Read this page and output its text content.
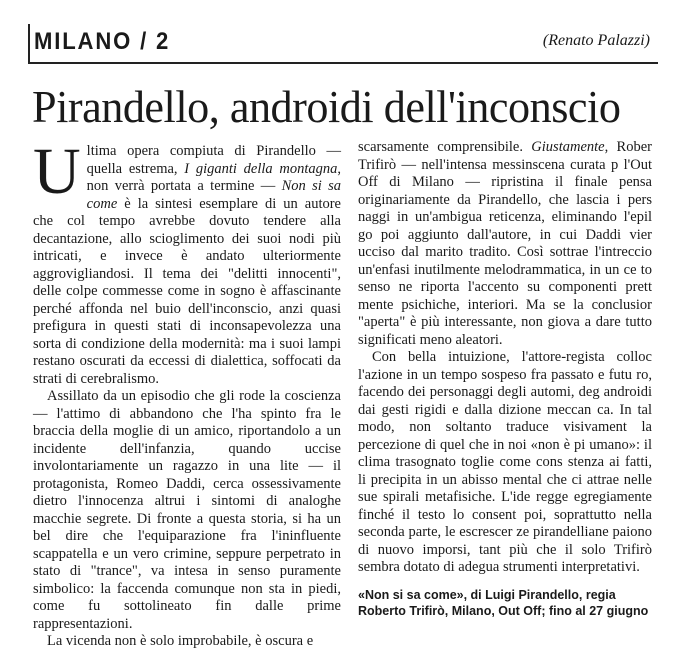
MILANO / 2	(Renato Palazzi)
Pirandello, androidi dell'inconscio

Ultima opera compiuta di Pirandello — quella estrema, I giganti della montagna, non verrà portata a termine — Non si sa come è la sintesi esemplare di un autore che col tempo avrebbe dovuto tendere alla decantazione, allo scioglimento dei suoi nodi più intricati, e invece è andato ulteriormente aggrovigliandosi. Il tema dei "delitti innocenti", delle colpe commesse come in sogno è affascinante perché affonda nel buio dell'inconscio, anzi quasi prefigura in questi stati di inconsapevolezza una sorta di condizione della modernità: ma i suoi lampi restano oscurati da eccessi di dialettica, soffocati da strati di cerebralismo.

Assillato da un episodio che gli rode la coscienza — l'attimo di abbandono che l'ha spinto fra le braccia della moglie di un amico, riportandolo a un incidente dell'infanzia, quando uccise involontariamente un ragazzo in una lite — il protagonista, Romeo Daddi, cerca ossessivamente dietro l'innocenza altrui i sintomi di analoghe macchie segrete. Di fronte a questa storia, si ha un bel dire che l'equiparazione fra l'ininfluente scappatella e un vero crimine, seppure perpetrato in stato di "trance", va intesa in senso puramente simbolico: la faccenda comunque non sta in piedi, come fu sottolineato fin dalle prime rappresentazioni.

La vicenda non è solo improbabile, è oscura e

scarsamente comprensibile. Giustamente, Rober Trifirò — nell'intensa messinscena curata p l'Out Off di Milano — ripristina il finale pensa originariamente da Pirandello, che lascia i pers naggi in un'ambigua reticenza, eliminando l'epil go poi aggiunto dall'autore, in cui Daddi vier ucciso dal marito tradito. Così sottrae l'intreccio un'enfasi inutilmente melodrammatica, in un ce to senso ne riporta l'accento su componenti prett mente psichiche, interiori. Ma se la conclusior "aperta" è più interessante, non giova a dare tutto significati meno aleatori.

Con bella intuizione, l'attore-regista colloc l'azione in un tempo sospeso fra passato e futu ro, facendo dei personaggi degli automi, deg androidi dai gesti rigidi e dalla dizione meccan ca. In tal modo, non soltanto traduce visivament la percezione di quel che in noi «non è pi umano»: il clima trasognato toglie come cons stenza ai fatti, li precipita in un abisso mental che ci attrae nelle sue spirali metafisiche. L'ide regge egregiamente finché il testo lo consent poi, soprattutto nella seconda parte, le escrescer ze pirandelliane paiono di nuovo imporsi, tant più che il solo Trifirò sembra dotato di adegua strumenti interpretativi.

«Non si sa come», di Luigi Pirandello, regia Roberto Trifirò, Milano, Out Off; fino al 27 giugno
